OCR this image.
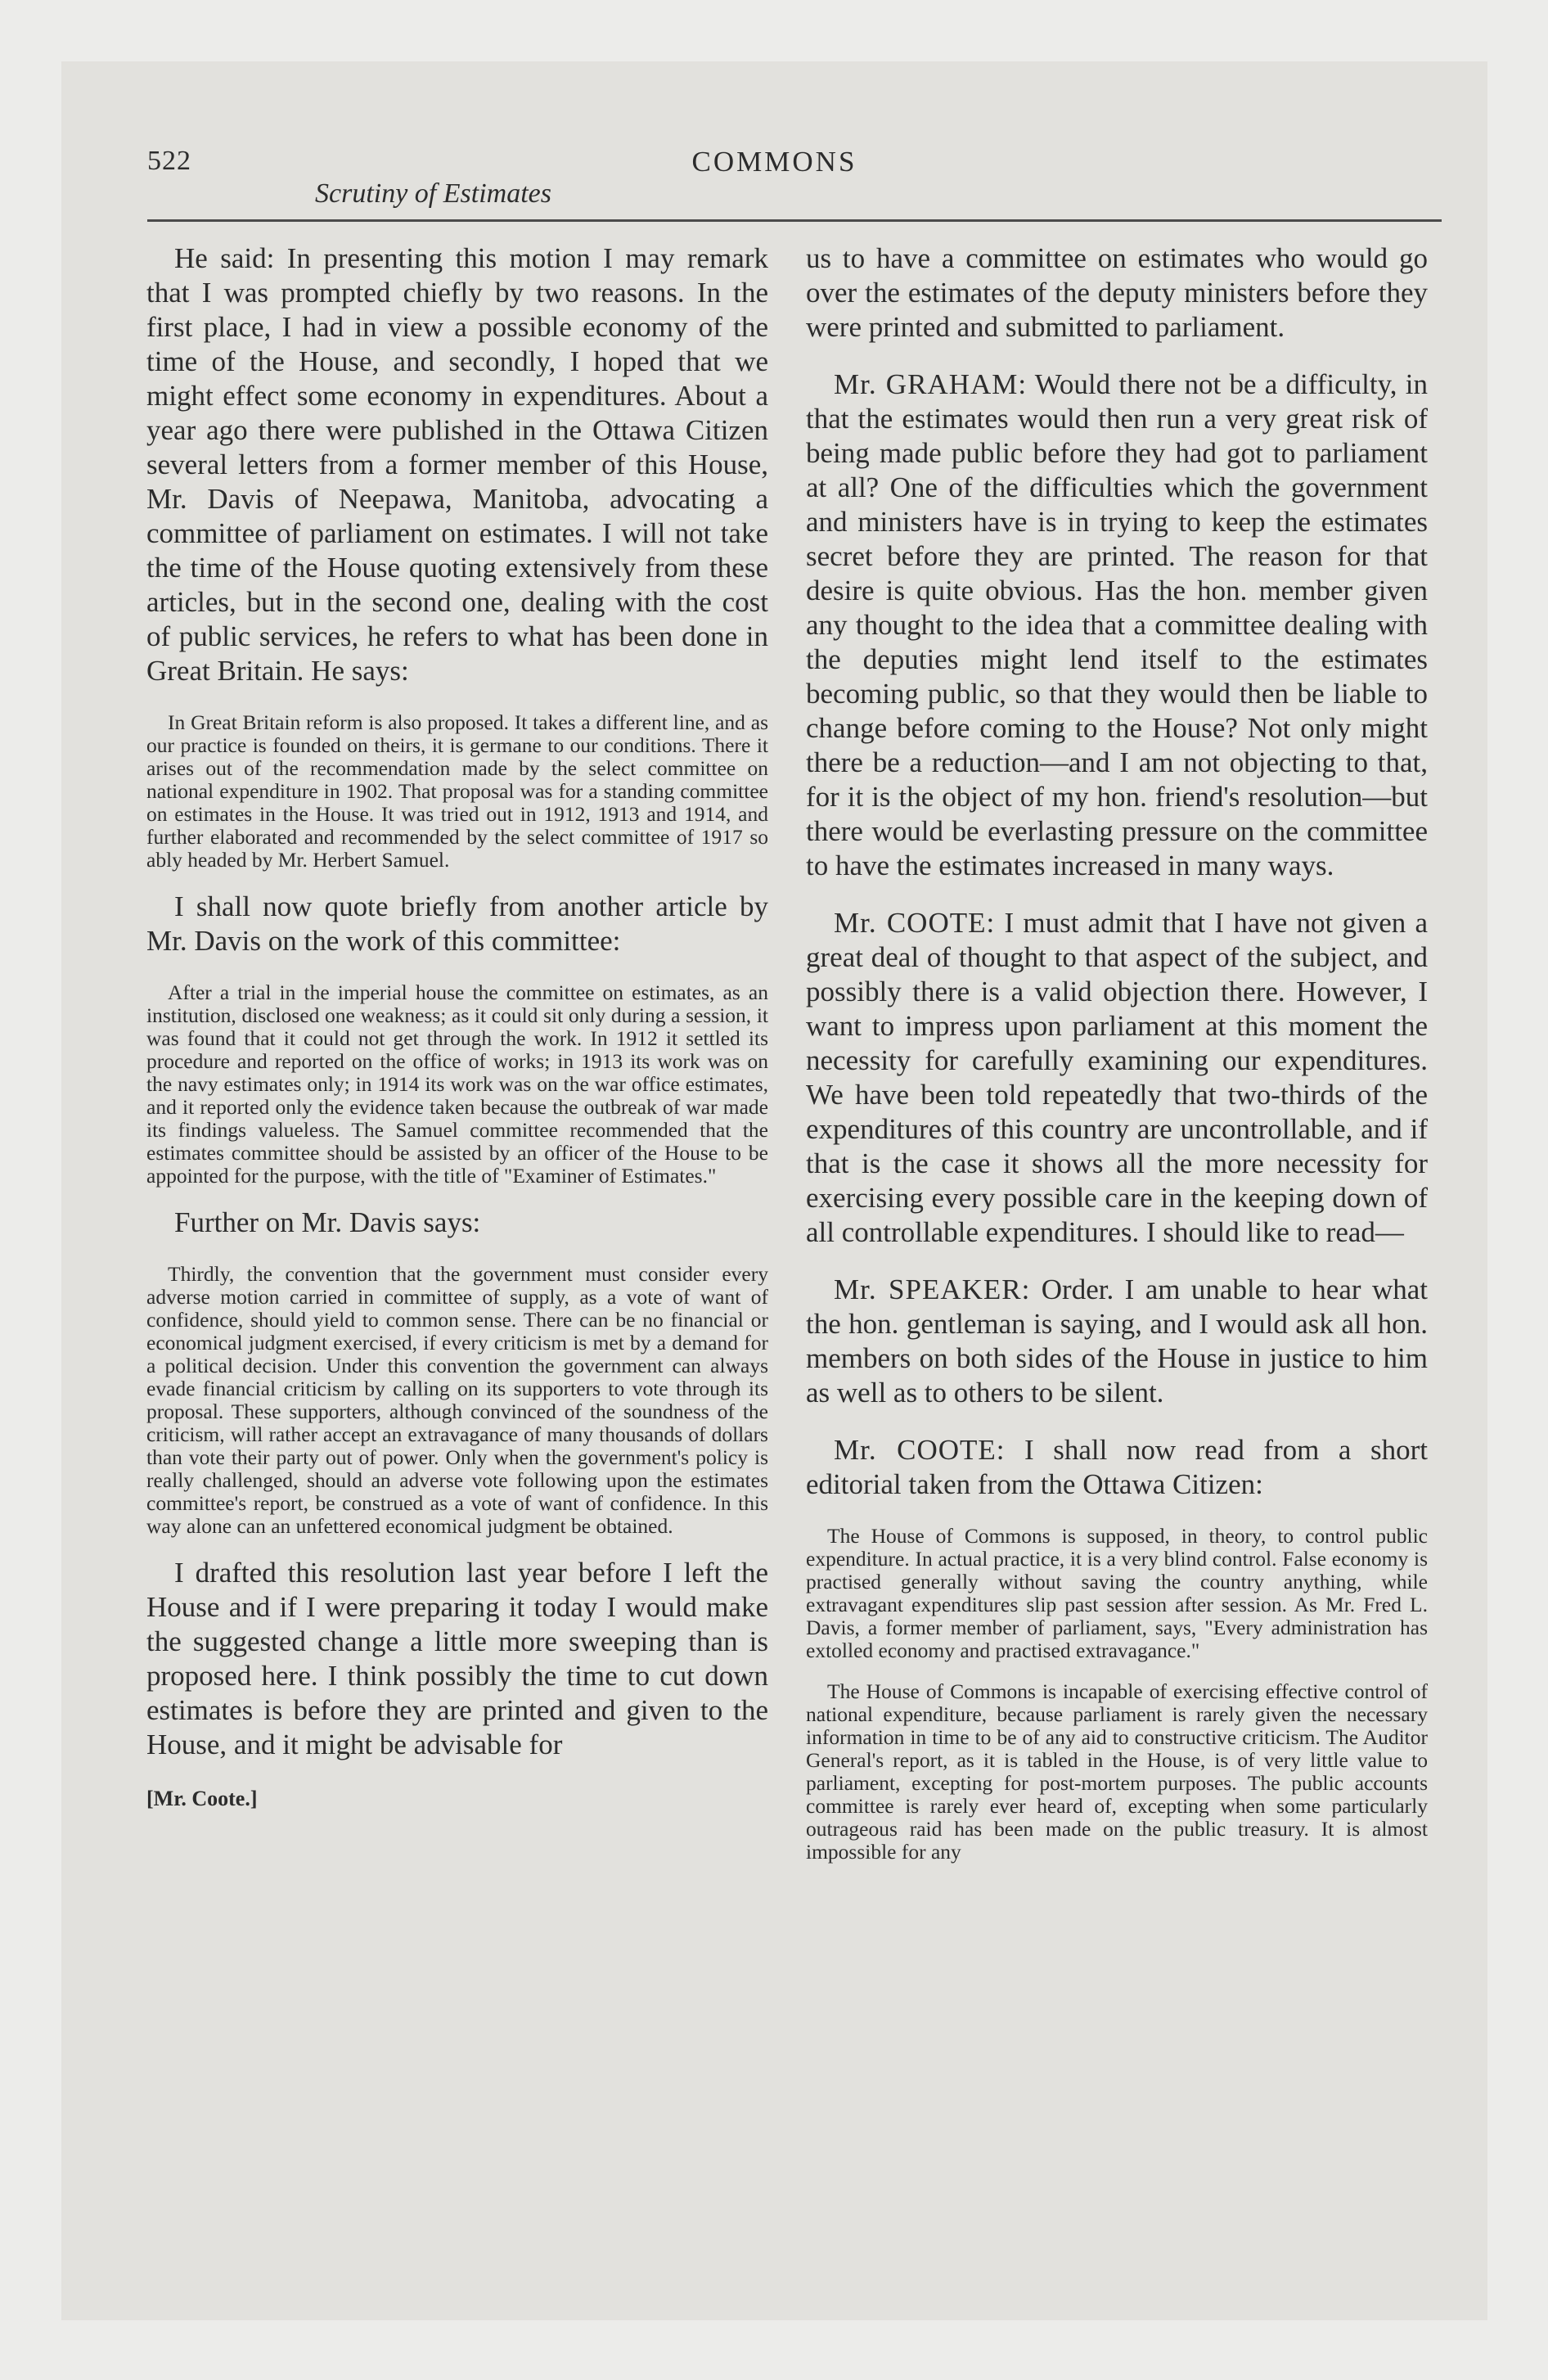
522	COMMONS
Scrutiny of Estimates

He said: In presenting this motion I may remark that I was prompted chiefly by two reasons. In the first place, I had in view a possible economy of the time of the House, and secondly, I hoped that we might effect some economy in expenditures. About a year ago there were published in the Ottawa Citizen several letters from a former member of this House, Mr. Davis of Neepawa, Manitoba, advocating a committee of parliament on estimates. I will not take the time of the House quoting extensively from these articles, but in the second one, dealing with the cost of public services, he refers to what has been done in Great Britain. He says:

In Great Britain reform is also proposed. It takes a different line, and as our practice is founded on theirs, it is germane to our conditions. There it arises out of the recommendation made by the select committee on national expenditure in 1902. That proposal was for a standing committee on estimates in the House. It was tried out in 1912, 1913 and 1914, and further elaborated and recommended by the select committee of 1917 so ably headed by Mr. Herbert Samuel.

I shall now quote briefly from another article by Mr. Davis on the work of this committee:

After a trial in the imperial house the committee on estimates, as an institution, disclosed one weakness; as it could sit only during a session, it was found that it could not get through the work. In 1912 it settled its procedure and reported on the office of works; in 1913 its work was on the navy estimates only; in 1914 its work was on the war office estimates, and it reported only the evidence taken because the outbreak of war made its findings valueless. The Samuel committee recommended that the estimates committee should be assisted by an officer of the House to be appointed for the purpose, with the title of "Examiner of Estimates."

Further on Mr. Davis says:

Thirdly, the convention that the government must consider every adverse motion carried in committee of supply, as a vote of want of confidence, should yield to common sense. There can be no financial or economical judgment exercised, if every criticism is met by a demand for a political decision. Under this convention the government can always evade financial criticism by calling on its supporters to vote through its proposal. These supporters, although convinced of the soundness of the criticism, will rather accept an extravagance of many thousands of dollars than vote their party out of power. Only when the government's policy is really challenged, should an adverse vote following upon the estimates committee's report, be construed as a vote of want of confidence. In this way alone can an unfettered economical judgment be obtained.

I drafted this resolution last year before I left the House and if I were preparing it today I would make the suggested change a little more sweeping than is proposed here. I think possibly the time to cut down estimates is before they are printed and given to the House, and it might be advisable for

[Mr. Coote.]

us to have a committee on estimates who would go over the estimates of the deputy ministers before they were printed and submitted to parliament.

Mr. GRAHAM: Would there not be a difficulty, in that the estimates would then run a very great risk of being made public before they had got to parliament at all? One of the difficulties which the government and ministers have is in trying to keep the estimates secret before they are printed. The reason for that desire is quite obvious. Has the hon. member given any thought to the idea that a committee dealing with the deputies might lend itself to the estimates becoming public, so that they would then be liable to change before coming to the House? Not only might there be a reduction—and I am not objecting to that, for it is the object of my hon. friend's resolution—but there would be everlasting pressure on the committee to have the estimates increased in many ways.

Mr. COOTE: I must admit that I have not given a great deal of thought to that aspect of the subject, and possibly there is a valid objection there. However, I want to impress upon parliament at this moment the necessity for carefully examining our expenditures. We have been told repeatedly that two-thirds of the expenditures of this country are uncontrollable, and if that is the case it shows all the more necessity for exercising every possible care in the keeping down of all controllable expenditures. I should like to read—

Mr. SPEAKER: Order. I am unable to hear what the hon. gentleman is saying, and I would ask all hon. members on both sides of the House in justice to him as well as to others to be silent.

Mr. COOTE: I shall now read from a short editorial taken from the Ottawa Citizen:

The House of Commons is supposed, in theory, to control public expenditure. In actual practice, it is a very blind control. False economy is practised generally without saving the country anything, while extravagant expenditures slip past session after session. As Mr. Fred L. Davis, a former member of parliament, says, "Every administration has extolled economy and practised extravagance."

The House of Commons is incapable of exercising effective control of national expenditure, because parliament is rarely given the necessary information in time to be of any aid to constructive criticism. The Auditor General's report, as it is tabled in the House, is of very little value to parliament, excepting for post-mortem purposes. The public accounts committee is rarely ever heard of, excepting when some particularly outrageous raid has been made on the public treasury. It is almost impossible for any
